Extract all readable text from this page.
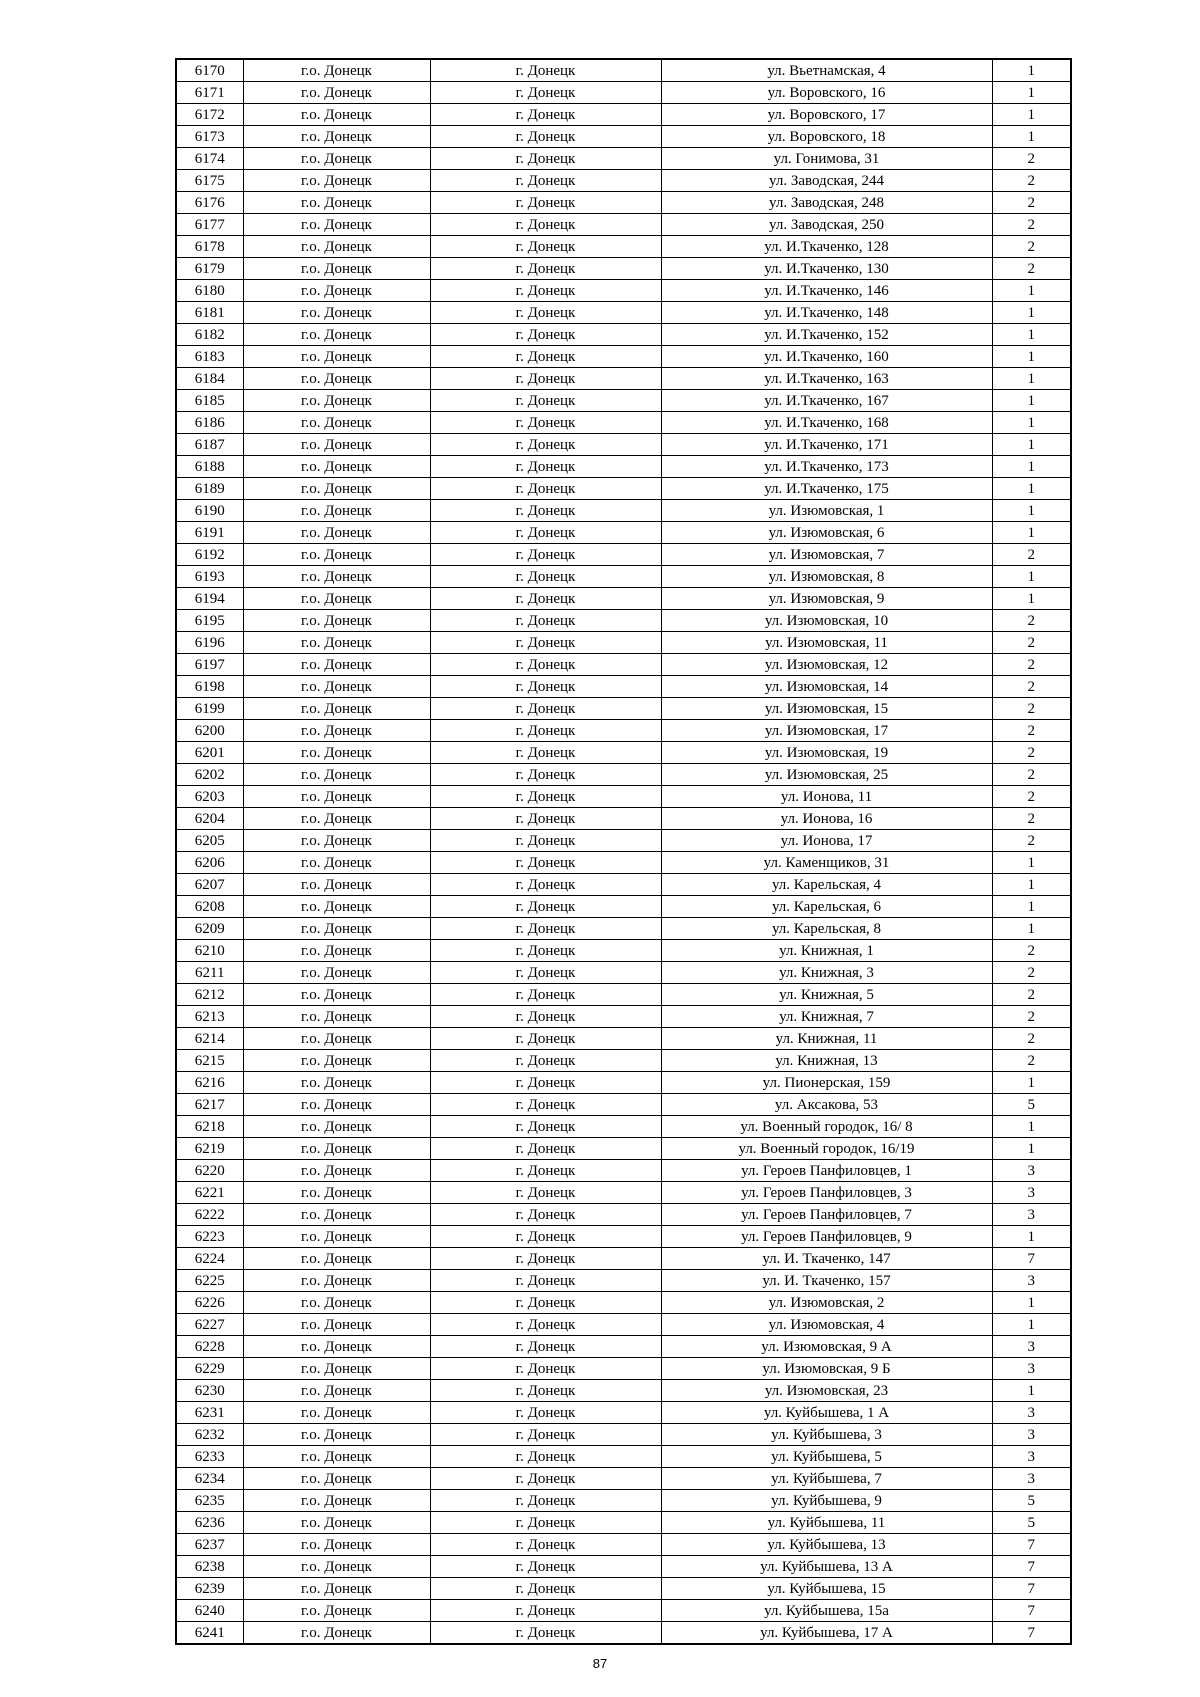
6170	г.о. Донецк	г. Донецк	ул. Вьетнамская, 4	1
6171	г.о. Донецк	г. Донецк	ул. Воровского, 16	1
6172	г.о. Донецк	г. Донецк	ул. Воровского, 17	1
6173	г.о. Донецк	г. Донецк	ул. Воровского, 18	1
6174	г.о. Донецк	г. Донецк	ул. Гонимова, 31	2
6175	г.о. Донецк	г. Донецк	ул. Заводская, 244	2
6176	г.о. Донецк	г. Донецк	ул. Заводская, 248	2
6177	г.о. Донецк	г. Донецк	ул. Заводская, 250	2
6178	г.о. Донецк	г. Донецк	ул. И.Ткаченко, 128	2
6179	г.о. Донецк	г. Донецк	ул. И.Ткаченко, 130	2
6180	г.о. Донецк	г. Донецк	ул. И.Ткаченко, 146	1
6181	г.о. Донецк	г. Донецк	ул. И.Ткаченко, 148	1
6182	г.о. Донецк	г. Донецк	ул. И.Ткаченко, 152	1
6183	г.о. Донецк	г. Донецк	ул. И.Ткаченко, 160	1
6184	г.о. Донецк	г. Донецк	ул. И.Ткаченко, 163	1
6185	г.о. Донецк	г. Донецк	ул. И.Ткаченко, 167	1
6186	г.о. Донецк	г. Донецк	ул. И.Ткаченко, 168	1
6187	г.о. Донецк	г. Донецк	ул. И.Ткаченко, 171	1
6188	г.о. Донецк	г. Донецк	ул. И.Ткаченко, 173	1
6189	г.о. Донецк	г. Донецк	ул. И.Ткаченко, 175	1
6190	г.о. Донецк	г. Донецк	ул. Изюмовская, 1	1
6191	г.о. Донецк	г. Донецк	ул. Изюмовская, 6	1
6192	г.о. Донецк	г. Донецк	ул. Изюмовская, 7	2
6193	г.о. Донецк	г. Донецк	ул. Изюмовская, 8	1
6194	г.о. Донецк	г. Донецк	ул. Изюмовская, 9	1
6195	г.о. Донецк	г. Донецк	ул. Изюмовская, 10	2
6196	г.о. Донецк	г. Донецк	ул. Изюмовская, 11	2
6197	г.о. Донецк	г. Донецк	ул. Изюмовская, 12	2
6198	г.о. Донецк	г. Донецк	ул. Изюмовская, 14	2
6199	г.о. Донецк	г. Донецк	ул. Изюмовская, 15	2
6200	г.о. Донецк	г. Донецк	ул. Изюмовская, 17	2
6201	г.о. Донецк	г. Донецк	ул. Изюмовская, 19	2
6202	г.о. Донецк	г. Донецк	ул. Изюмовская, 25	2
6203	г.о. Донецк	г. Донецк	ул. Ионова, 11	2
6204	г.о. Донецк	г. Донецк	ул. Ионова, 16	2
6205	г.о. Донецк	г. Донецк	ул. Ионова, 17	2
6206	г.о. Донецк	г. Донецк	ул. Каменщиков, 31	1
6207	г.о. Донецк	г. Донецк	ул. Карельская, 4	1
6208	г.о. Донецк	г. Донецк	ул. Карельская, 6	1
6209	г.о. Донецк	г. Донецк	ул. Карельская, 8	1
6210	г.о. Донецк	г. Донецк	ул. Книжная, 1	2
6211	г.о. Донецк	г. Донецк	ул. Книжная, 3	2
6212	г.о. Донецк	г. Донецк	ул. Книжная, 5	2
6213	г.о. Донецк	г. Донецк	ул. Книжная, 7	2
6214	г.о. Донецк	г. Донецк	ул. Книжная, 11	2
6215	г.о. Донецк	г. Донецк	ул. Книжная, 13	2
6216	г.о. Донецк	г. Донецк	ул. Пионерская, 159	1
6217	г.о. Донецк	г. Донецк	ул. Аксакова, 53	5
6218	г.о. Донецк	г. Донецк	ул. Военный городок, 16/ 8	1
6219	г.о. Донецк	г. Донецк	ул. Военный городок, 16/19	1
6220	г.о. Донецк	г. Донецк	ул. Героев Панфиловцев, 1	3
6221	г.о. Донецк	г. Донецк	ул. Героев Панфиловцев, 3	3
6222	г.о. Донецк	г. Донецк	ул. Героев Панфиловцев, 7	3
6223	г.о. Донецк	г. Донецк	ул. Героев Панфиловцев, 9	1
6224	г.о. Донецк	г. Донецк	ул. И. Ткаченко, 147	7
6225	г.о. Донецк	г. Донецк	ул. И. Ткаченко, 157	3
6226	г.о. Донецк	г. Донецк	ул. Изюмовская, 2	1
6227	г.о. Донецк	г. Донецк	ул. Изюмовская, 4	1
6228	г.о. Донецк	г. Донецк	ул. Изюмовская, 9 А	3
6229	г.о. Донецк	г. Донецк	ул. Изюмовская, 9 Б	3
6230	г.о. Донецк	г. Донецк	ул. Изюмовская, 23	1
6231	г.о. Донецк	г. Донецк	ул. Куйбышева, 1 А	3
6232	г.о. Донецк	г. Донецк	ул. Куйбышева, 3	3
6233	г.о. Донецк	г. Донецк	ул. Куйбышева, 5	3
6234	г.о. Донецк	г. Донецк	ул. Куйбышева, 7	3
6235	г.о. Донецк	г. Донецк	ул. Куйбышева, 9	5
6236	г.о. Донецк	г. Донецк	ул. Куйбышева, 11	5
6237	г.о. Донецк	г. Донецк	ул. Куйбышева, 13	7
6238	г.о. Донецк	г. Донецк	ул. Куйбышева, 13 А	7
6239	г.о. Донецк	г. Донецк	ул. Куйбышева, 15	7
6240	г.о. Донецк	г. Донецк	ул. Куйбышева, 15а	7
6241	г.о. Донецк	г. Донецк	ул. Куйбышева, 17 А	7
87
